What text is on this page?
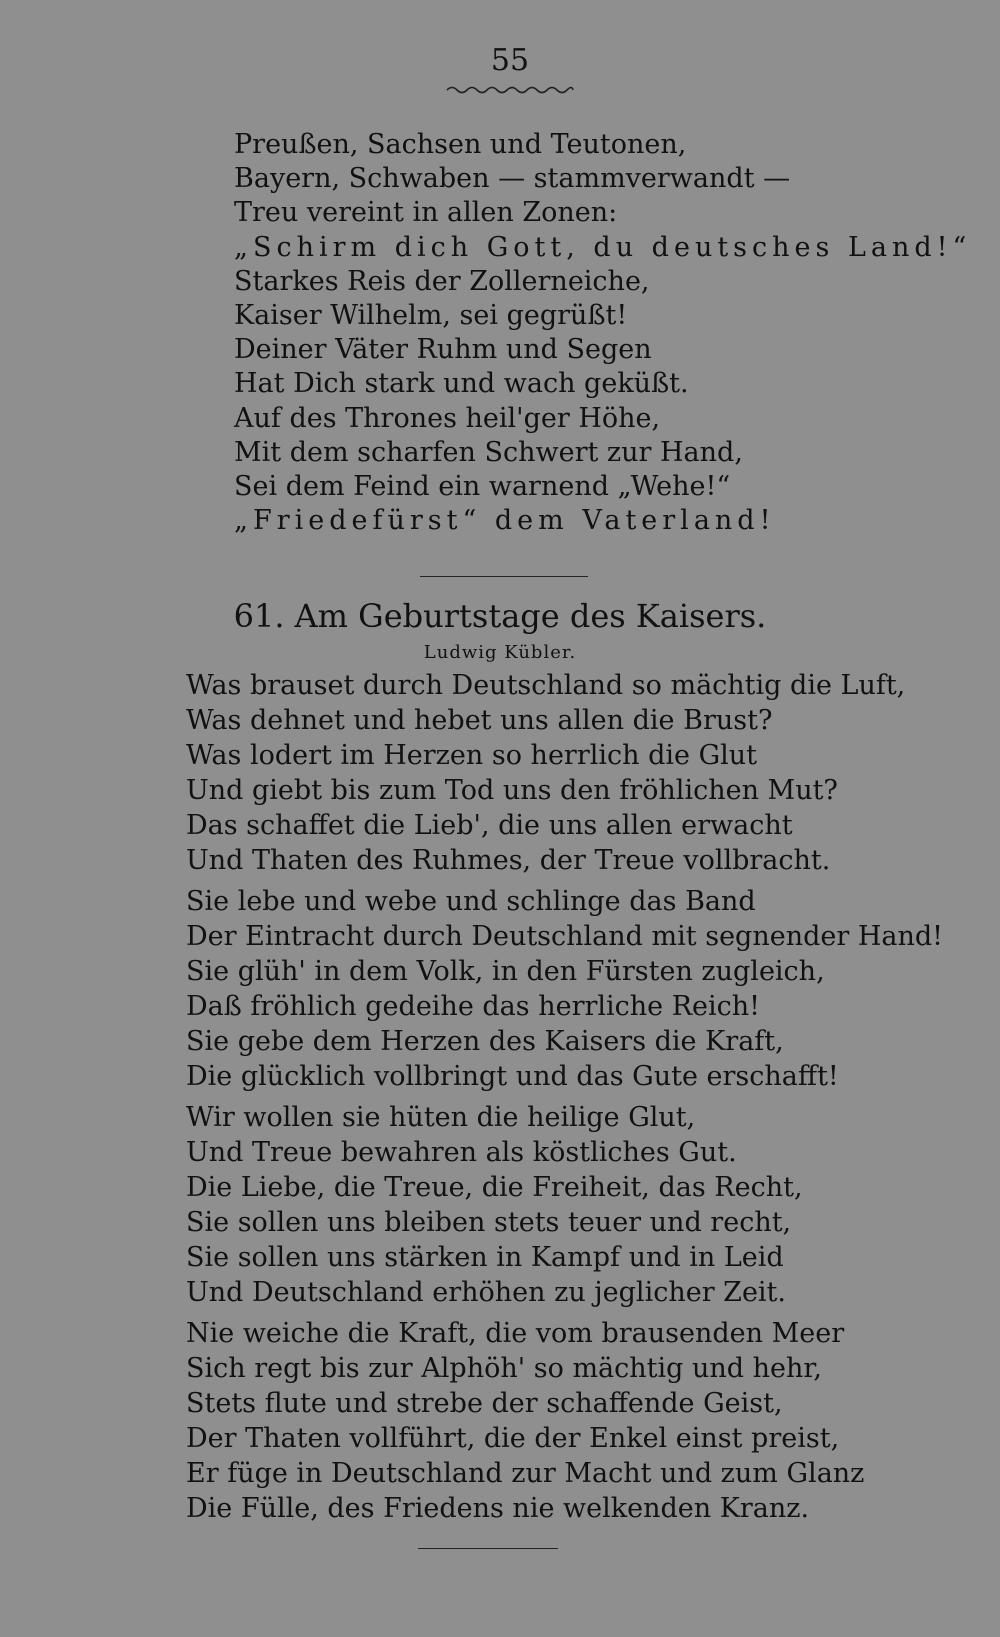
55
Preußen, Sachsen und Teutonen,
Bayern, Schwaben — stammverwandt —
Treu vereint in allen Zonen:
„Schirm dich Gott, du deutsches Land!“
Starkes Reis der Zollerneiche,
Kaiser Wilhelm, sei gegrüßt!
Deiner Väter Ruhm und Segen
Hat Dich stark und wach geküßt.
Auf des Thrones heil'ger Höhe,
Mit dem scharfen Schwert zur Hand,
Sei dem Feind ein warnend „Wehe!“
„Friedefürst“ dem Vaterland!
61. Am Geburtstage des Kaisers.
Ludwig Kübler.
Was brauset durch Deutschland so mächtig die Luft,
Was dehnet und hebet uns allen die Brust?
Was lodert im Herzen so herrlich die Glut
Und giebt bis zum Tod uns den fröhlichen Mut?
Das schaffet die Lieb', die uns allen erwacht
Und Thaten des Ruhmes, der Treue vollbracht.
Sie lebe und webe und schlinge das Band
Der Eintracht durch Deutschland mit segnender Hand!
Sie glüh' in dem Volk, in den Fürsten zugleich,
Daß fröhlich gedeihe das herrliche Reich!
Sie gebe dem Herzen des Kaisers die Kraft,
Die glücklich vollbringt und das Gute erschafft!
Wir wollen sie hüten die heilige Glut,
Und Treue bewahren als köstliches Gut.
Die Liebe, die Treue, die Freiheit, das Recht,
Sie sollen uns bleiben stets teuer und recht,
Sie sollen uns stärken in Kampf und in Leid
Und Deutschland erhöhen zu jeglicher Zeit.
Nie weiche die Kraft, die vom brausenden Meer
Sich regt bis zur Alphöh' so mächtig und hehr,
Stets flute und strebe der schaffende Geist,
Der Thaten vollführt, die der Enkel einst preist,
Er füge in Deutschland zur Macht und zum Glanz
Die Fülle, des Friedens nie welkenden Kranz.
